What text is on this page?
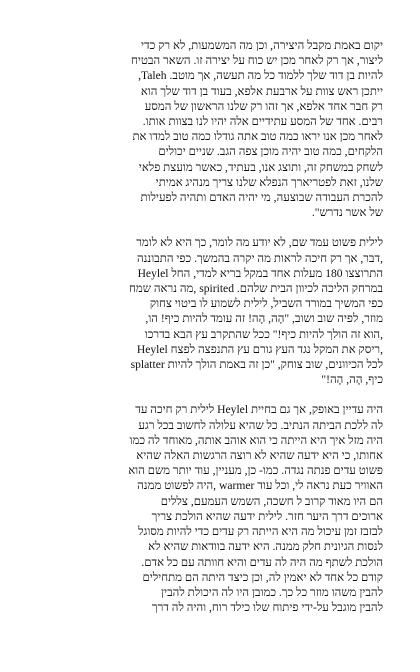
יקום באמת מקבל היצירה, וכן מה המשמעות, לא רק כדי
ליצור, אך רק לאחר מכן יש כוח על יצירה זו. השאר הבטיח
להיות בן דוד שלך ללמוד כל מה תעשה, אך מוטב. Taleh,
ייתכן ראש צוות על ארבעת אלפא, בעוד בן דוד שלך הוא
רק חבר אחד אלפא, אך זהו רק שלנו הראשון של המסע
רבים. אחד של המסע עתידיים אלה יהיו לנו בצוות אותו.
לאחר מכן אנו יראו כמה טוב אתה גודלו כמה טוב למדו את
הלקחים, כמה טוב יהיה מוכן צפה הגב. שניים יכולים
לשחק במשחק זה, ותוצג אנו, בעתיד, כאשר מועצת פלאי
שלנו, זאת לפטריארך הנפלא שלנו צריך מנהיג אמיתי
להכרת העבודה שבוצעה, מי יהיה האדם ותהיה לפעילות
של אשר נדרש".
לילית פשוט עמד שם, לא יודע מה לומר, כך היא לא לומר
,דבר, אך רק חיכה לראות מה יקרה בהמשך. כפי התבוננה
Heylel התרוצצו 180 מעלות אחד במקל בריא למדי, החל
במרחק הליכה לכיוון הבית שלהם. spirited ,מה נראה שמח
כפי המשיך במורד השביל, לילית לשמוע לו ביטוי צחוק
מוזר, לפיה שוב ושוב, "הָה, הָה! זה עומד להיות כיף! הו,
,הוא זה הולך להיות כיף!" ככל שהתקרב עץ הבא בדרכו
,ריסק את המקל נגד העץ גורם עץ התנפצה לפצח Heylel
splatter לכל הכיוונים, שוב צוחק, "כן זה באמת הולך להיות
כיף, הָה, הָה!"
היה עדיין באופק, אך גם בחיית Heylel לילית רק חיכה עד
לה ללכת הביתה הנתיב. כל שהיא עלולה לחשוב בכל רגע
היה מזל איך היא הייתה כי הוא אוהב אותה, מאוחד לה כמו
אחותו, כי היא ידעה שהיא לא רוצה הרגשות האלה שהיא
פשוט עדים פנתה נגדה. כמו- כן, מעניין, עוד יותר משם הוא
האוויר כעת נראה לי, וכל עוד warmer ,היה לפשוט ממנה
הם היו מאוד קרוב ל חשכה, השמש העמעם, צללים
ארוכים דרך היער חזר. לילית ידעה שהיא הולכת צריך
לבזבז זמן עיכול מה היא הייתה רק עדים כדי להיות מסוגל
לנסות הגיונית חלק ממנה. היא ידעה בוודאות שהיא לא
הולכת לשתף מה היה לה עדים והיא חוותה עם כל אדם.
קודם כל אחד לא יאמין לה, וכן כיצד היתה הם מתחילים
להבין משהו מוזר כל כך. כמובן היו לה היכולת להבין
להבין מוגבל על-ידי פיתוח שלו כילד רוח, והיה לה דרך
